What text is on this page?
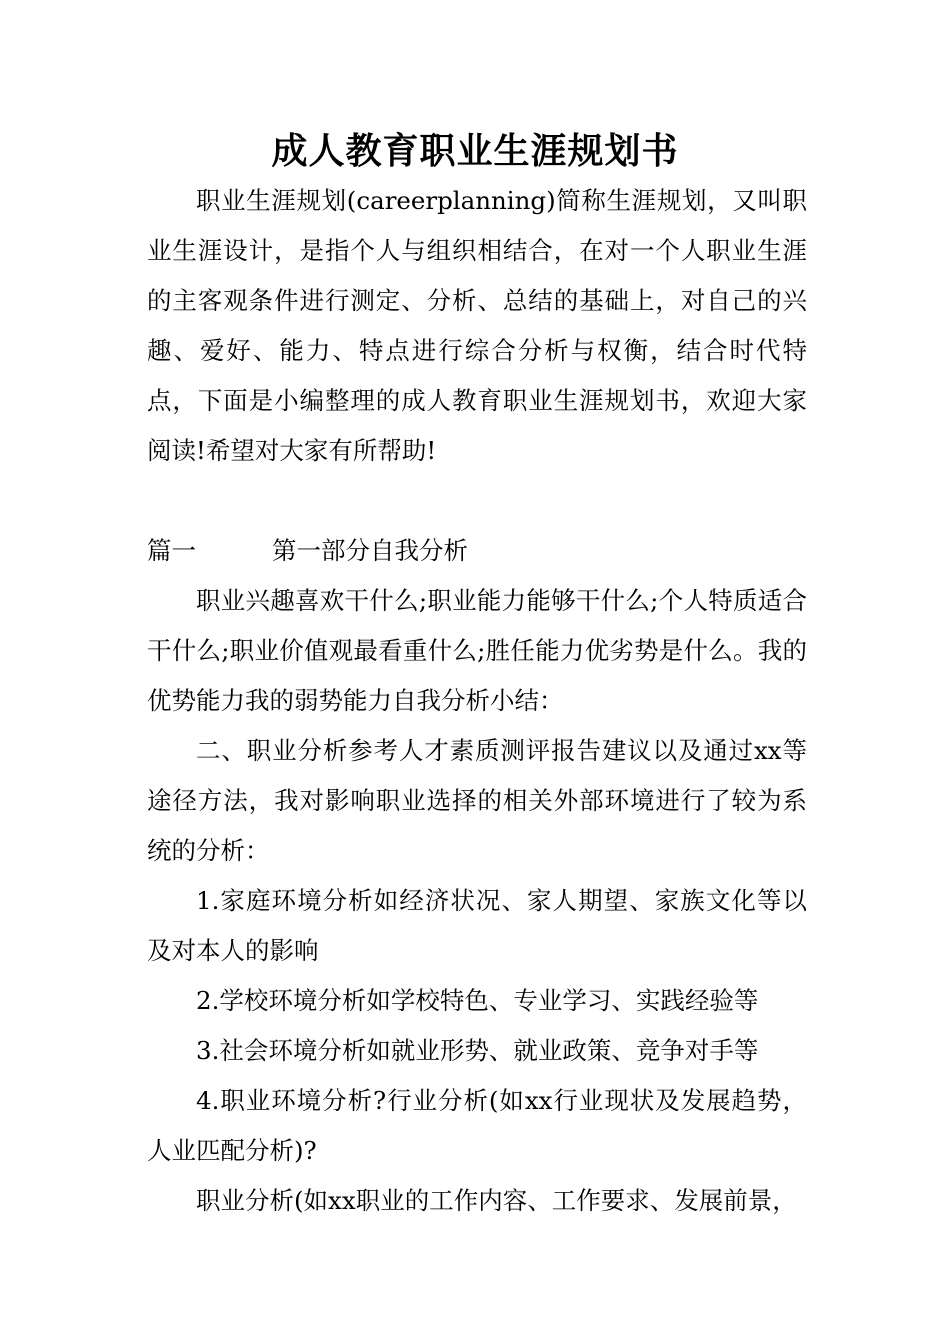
成人教育职业生涯规划书

职业生涯规划(careerplanning)简称生涯规划，又叫职业生涯设计，是指个人与组织相结合，在对一个人职业生涯的主客观条件进行测定、分析、总结的基础上，对自己的兴趣、爱好、能力、特点进行综合分析与权衡，结合时代特点，下面是小编整理的成人教育职业生涯规划书，欢迎大家阅读!希望对大家有所帮助!

篇一	第一部分自我分析

职业兴趣喜欢干什么;职业能力能够干什么;个人特质适合干什么;职业价值观最看重什么;胜任能力优劣势是什么。我的优势能力我的弱势能力自我分析小结：

二、职业分析参考人才素质测评报告建议以及通过xx等途径方法，我对影响职业选择的相关外部环境进行了较为系统的分析：

1.家庭环境分析如经济状况、家人期望、家族文化等以及对本人的影响

2.学校环境分析如学校特色、专业学习、实践经验等

3.社会环境分析如就业形势、就业政策、竞争对手等

4.职业环境分析?行业分析(如xx行业现状及发展趋势，人业匹配分析)?

职业分析(如xx职业的工作内容、工作要求、发展前景，
